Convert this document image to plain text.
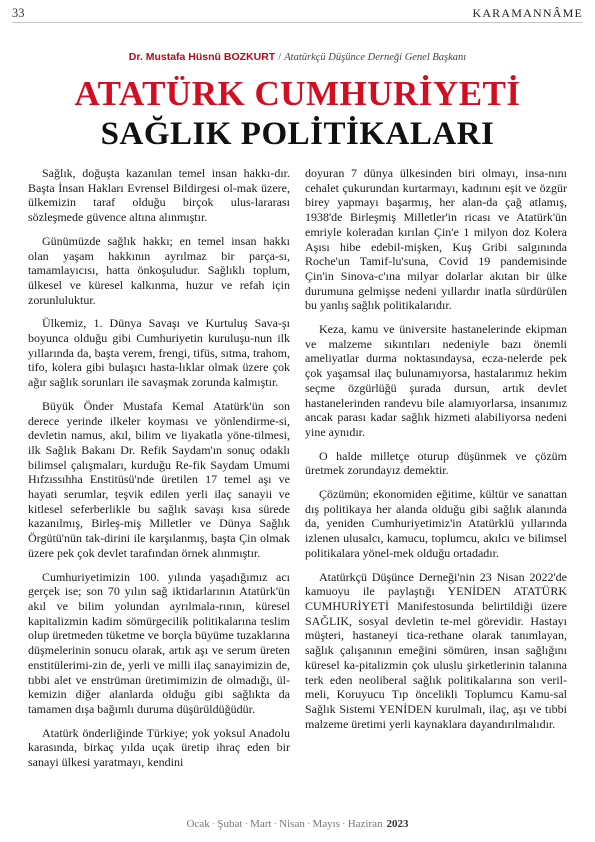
33	KARAMANNÂME
Dr. Mustafa Hüsnü BOZKURT / Atatürkçü Düşünce Derneği Genel Başkanı
ATATÜRK CUMHURİYETİ
SAĞLIK POLİTİKALARI

Sağlık, doğuşta kazanılan temel insan hakkı-dır. Başta İnsan Hakları Evrensel Bildirgesi ol-mak üzere, ülkemizin taraf olduğu birçok ulus-lararası sözleşmede güvence altına alınmıştır.

Günümüzde sağlık hakkı; en temel insan hakkı olan yaşam hakkının ayrılmaz bir parça-sı, tamamlayıcısı, hatta önkoşuludur. Sağlıklı toplum, ülkesel ve küresel kalkınma, huzur ve refah için zorunluluktur.

Ülkemiz, 1. Dünya Savaşı ve Kurtuluş Sava-şı boyunca olduğu gibi Cumhuriyetin kuruluşu-nun ilk yıllarında da, başta verem, frengi, tifüs, sıtma, trahom, tifo, kolera gibi bulaşıcı hasta-lıklar olmak üzere çok ağır sağlık sorunları ile savaşmak zorunda kalmıştır.

Büyük Önder Mustafa Kemal Atatürk'ün son derece yerinde ilkeler koyması ve yönlendirme-si, devletin namus, akıl, bilim ve liyakatla yöne-tilmesi, ilk Sağlık Bakanı Dr. Refik Saydam'ın sonuç odaklı bilimsel çalışmaları, kurduğu Re-fik Saydam Umumi Hıfzıssıhha Enstitüsü'nde üretilen 17 temel aşı ve hayati serumlar, teşvik edilen yerli ilaç sanayii ve kitlesel seferberlikle bu sağlık savaşı kısa sürede kazanılmış, Birleş-miş Milletler ve Dünya Sağlık Örgütü'nün tak-dirini ile karşılanmış, başta Çin olmak üzere pek çok devlet tarafından örnek alınmıştır.

Cumhuriyetimizin 100. yılında yaşadığımız acı gerçek ise; son 70 yılın sağ iktidarlarının Atatürk'ün akıl ve bilim yolundan ayrılmala-rının, küresel kapitalizmin kadim sömürgecilik politikalarına teslim olup üretmeden tüketme ve borçla büyüme tuzaklarına düşmelerinin sonucu olarak, artık aşı ve serum üreten enstitülerimi-zin de, yerli ve milli ilaç sanayimizin de, tıbbi alet ve enstrüman üretimimizin de olmadığı, ül-kemizin diğer alanlarda olduğu gibi sağlıkta da tamamen dışa bağımlı duruma düşürüldüğüdür.

Atatürk önderliğinde Türkiye; yok yoksul Anadolu karasında, birkaç yılda uçak üretip ihraç eden bir sanayi ülkesi yaratmayı, kendini

doyuran 7 dünya ülkesinden biri olmayı, insa-nını cehalet çukurundan kurtarmayı, kadınını eşit ve özgür birey yapmayı başarmış, her alan-da çağ atlamış, 1938'de Birleşmiş Milletler'in ricası ve Atatürk'ün emriyle koleradan kırılan Çin'e 1 milyon doz Kolera Aşısı hibe edebil-mişken, Kuş Gribi salgınında Roche'un Tamif-lu'suna, Covid 19 pandemisinde Çin'in Sinova-c'ına milyar dolarlar akıtan bir ülke durumuna gelmişse nedeni yıllardır inatla sürdürülen bu yanlış sağlık politikalarıdır.

Keza, kamu ve üniversite hastanelerinde ekipman ve malzeme sıkıntıları nedeniyle bazı önemli ameliyatlar durma noktasındaysa, ecza-nelerde pek çok yaşamsal ilaç bulunamıyorsa, hastalarımız hekim seçme özgürlüğü şurada dursun, artık devlet hastanelerinden randevu bile alamıyorlarsa, insanımız ancak parası kadar sağlık hizmeti alabiliyorsa nedeni yine aynıdır.

O halde milletçe oturup düşünmek ve çözüm üretmek zorundayız demektir.

Çözümün; ekonomiden eğitime, kültür ve sanattan dış politikaya her alanda olduğu gibi sağlık alanında da, yeniden Cumhuriyetimiz'in Atatürklü yıllarında izlenen ulusalcı, kamucu, toplumcu, akılcı ve bilimsel politikalara yönel-mek olduğu ortadadır.

Atatürkçü Düşünce Derneği'nin 23 Nisan 2022'de kamuoyu ile paylaştığı YENİDEN ATATÜRK CUMHURİYETİ Manifestosunda belirtildiği üzere SAĞLIK, sosyal devletin te-mel görevidir. Hastayı müşteri, hastaneyi tica-rethane olarak tanımlayan, sağlık çalışanının emeğini sömüren, insan sağlığını küresel ka-pitalizmin çok uluslu şirketlerinin talanına terk eden neoliberal sağlık politikalarına son veril-meli, Koruyucu Tıp öncelikli Toplumcu Kamu-sal Sağlık Sistemi YENİDEN kurulmalı, ilaç, aşı ve tıbbi malzeme üretimi yerli kaynaklara dayandırılmalıdır.

Ocak · Şubat · Mart · Nisan · Mayıs · Haziran 2023
